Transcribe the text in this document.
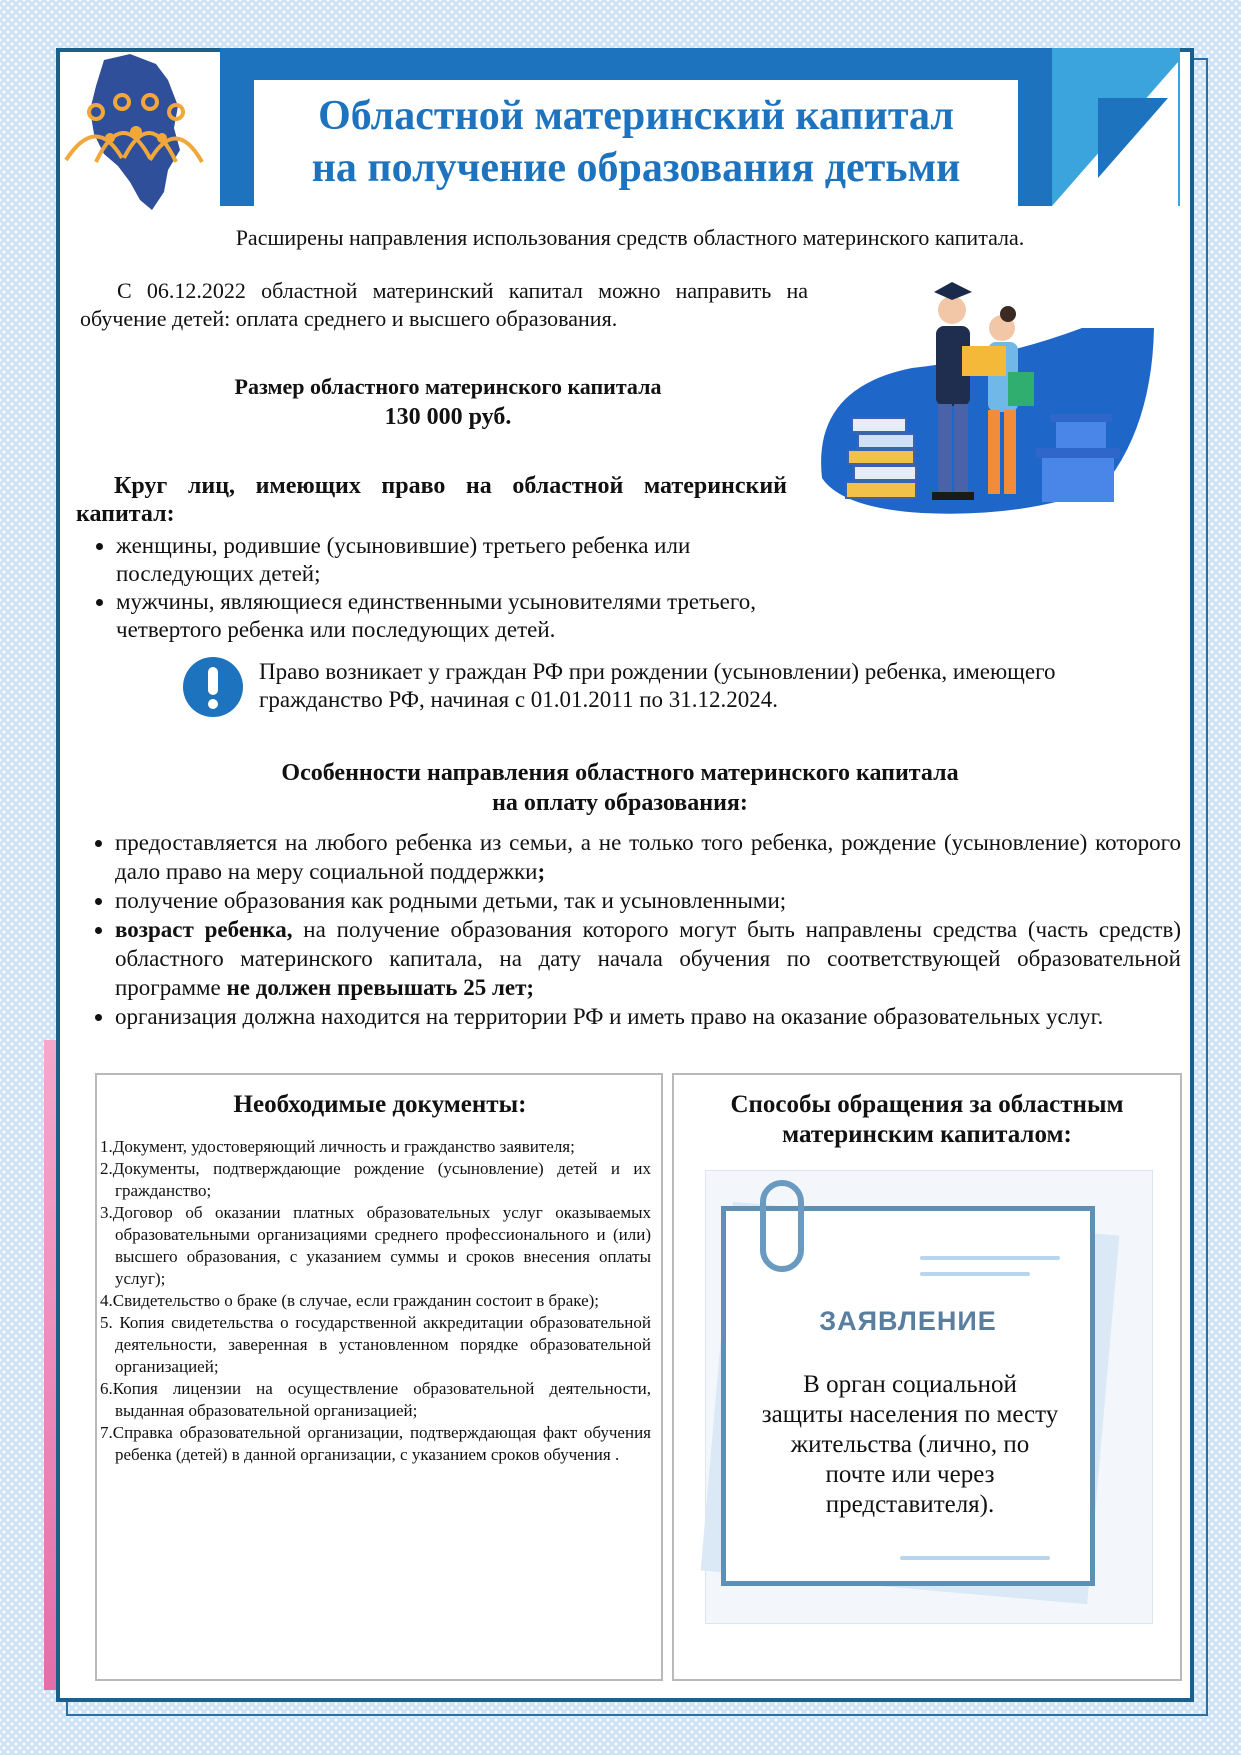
Областной материнский капитал
на получение образования детьми

Расширены направления использования средств областного материнского капитала.

С 06.12.2022 областной материнский капитал можно направить на обучение детей: оплата среднего и высшего образования.

Размер областного материнского капитала

130 000 руб.

Круг лиц, имеющих право на областной материнский капитал:

• женщины, родившие (усыновившие) третьего ребенка или последующих детей;
• мужчины, являющиеся единственными усыновителями третьего, четвертого ребенка или последующих детей.

Право возникает у граждан РФ при рождении (усыновлении) ребенка, имеющего гражданство РФ, начиная с 01.01.2011 по 31.12.2024.

Особенности направления областного материнского капитала
на оплату образования:
• предоставляется на любого ребенка из семьи, а не только того ребенка, рождение (усыновление) которого дало право на меру социальной поддержки;
• получение образования как родными детьми, так и усыновленными;
• возраст ребенка, на получение образования которого могут быть направлены средства (часть средств) областного материнского капитала, на дату начала обучения по соответствующей образовательной программе не должен превышать 25 лет;
• организация должна находится на территории РФ и иметь право на оказание образовательных услуг.
Необходимые документы:
1.Документ, удостоверяющий личность и гражданство заявителя;
2.Документы, подтверждающие рождение (усыновление) детей и их гражданство;
3.Договор об оказании платных образовательных услуг оказываемых образовательными организациями среднего профессионального и (или) высшего образования, с указанием суммы и сроков внесения оплаты услуг);
4.Свидетельство о браке (в случае, если гражданин состоит в браке);
5. Копия свидетельства о государственной аккредитации образовательной деятельности, заверенная в установленном порядке образовательной организацией;
6.Копия лицензии на осуществление образовательной деятельности, выданная образовательной организацией;
7.Справка образовательной организации, подтверждающая факт обучения ребенка (детей) в данной организации, с указанием сроков обучения .
Способы обращения за областным материнским капиталом:

ЗАЯВЛЕНИЕ

В орган социальной защиты населения по месту жительства (лично, по почте или через представителя).
